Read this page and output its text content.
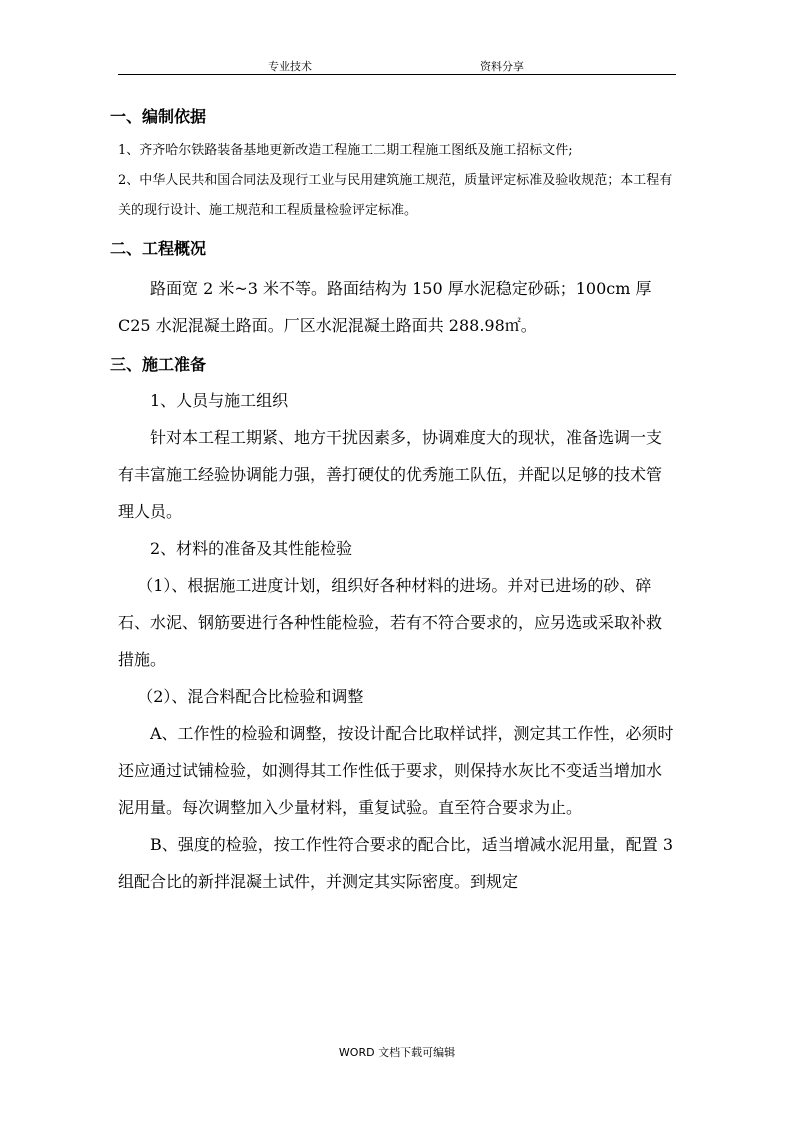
专业技术	资料分享
一、编制依据
1、齐齐哈尔铁路装备基地更新改造工程施工二期工程施工图纸及施工招标文件;
2、中华人民共和国合同法及现行工业与民用建筑施工规范，质量评定标准及验收规范；本工程有关的现行设计、施工规范和工程质量检验评定标准。
二、工程概况
路面宽 2 米~3 米不等。路面结构为 150 厚水泥稳定砂砾；100cm 厚 C25 水泥混凝土路面。厂区水泥混凝土路面共 288.98㎡。
三、施工准备
1、人员与施工组织
针对本工程工期紧、地方干扰因素多，协调难度大的现状，准备选调一支有丰富施工经验协调能力强，善打硬仗的优秀施工队伍，并配以足够的技术管理人员。
2、材料的准备及其性能检验
（1）、根据施工进度计划，组织好各种材料的进场。并对已进场的砂、碎石、水泥、钢筋要进行各种性能检验，若有不符合要求的，应另选或采取补救措施。
（2）、混合料配合比检验和调整
A、工作性的检验和调整，按设计配合比取样试拌，测定其工作性，必须时还应通过试铺检验，如测得其工作性低于要求，则保持水灰比不变适当增加水泥用量。每次调整加入少量材料，重复试验。直至符合要求为止。
B、强度的检验，按工作性符合要求的配合比，适当增减水泥用量，配置 3 组配合比的新拌混凝土试件，并测定其实际密度。到规定
WORD 文档下载可编辑
